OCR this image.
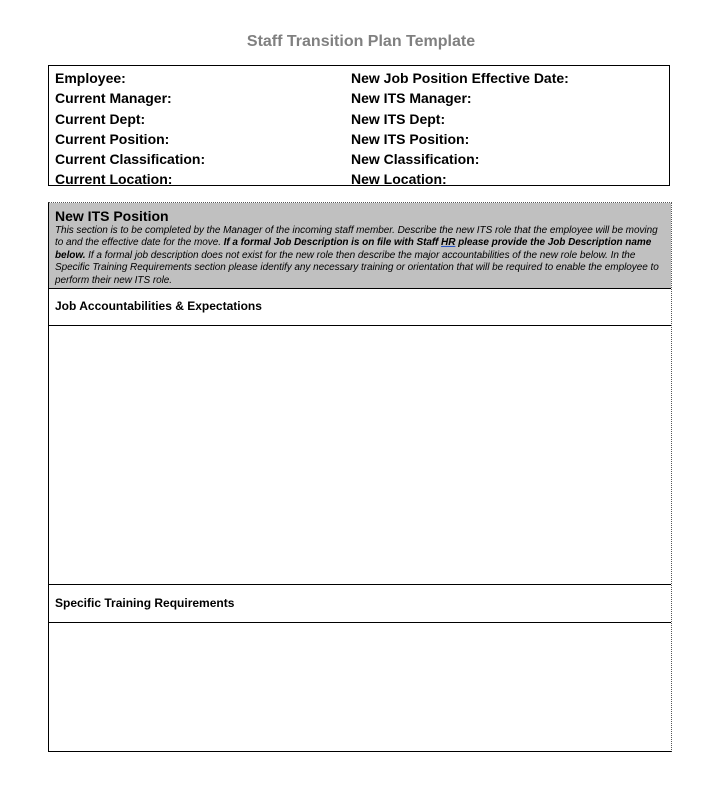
Staff Transition Plan Template
Employee:
Current Manager:
Current Dept:
Current Position:
Current Classification:
Current Location:
New Job Position Effective Date:
New ITS Manager:
New ITS Dept:
New ITS Position:
New Classification:
New Location:
New ITS Position
This section is to be completed by the Manager of the incoming staff member. Describe the new ITS role that the employee will be moving to and the effective date for the move. If a formal Job Description is on file with Staff HR please provide the Job Description name below. If a formal job description does not exist for the new role then describe the major accountabilities of the new role below. In the Specific Training Requirements section please identify any necessary training or orientation that will be required to enable the employee to perform their new ITS role.
Job Accountabilities & Expectations
Specific Training Requirements
